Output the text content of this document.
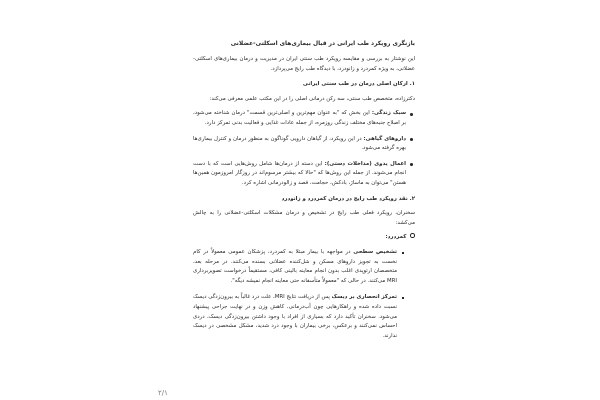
بازنگری رویکرد طب ایرانی در قبال بیماری‌های اسکلتی-عضلانی

این نوشتار به بررسی و مقایسه رویکرد طب سنتی ایران در مدیریت و درمان بیماری‌های اسکلتی-عضلانی، به ویژه کمردرد و زانودرد، با دیدگاه طب رایج می‌پردازد.

۱. ارکان اصلی درمان در طب سنتی ایرانی

دکتر‌زاده، متخصص طب سنتی، سه رکن درمانی اصلی را در این مکتب علمی معرفی می‌کند:

سبک زندگی: این بخش که "به عنوان مهم‌ترین و اصلی‌ترین قسمت" درمان شناخته می‌شود، بر اصلاح جنبه‌های مختلف زندگی روزمره، از جمله عادات غذایی و فعالیت بدنی تمرکز دارد.
داروهای گیاهی: در این رویکرد، از گیاهان دارویی گوناگون به منظور درمان و کنترل بیماری‌ها بهره گرفته می‌شود.
اعمال یدوی (مداخلات دستی): این دسته از درمان‌ها شامل روش‌هایی است که با دست انجام می‌شوند. از جمله این روش‌ها که "حالا که بیشتر مرسوم‌اند در روزگار امروزمون همین‌ها هستن" می‌توان به ماساژ، بادکش، حجامت، فصد و زالودرمانی اشاره کرد.
۲. نقد رویکرد طب رایج در درمان کمردرد و زانودرد

سخنران، رویکرد فعلی طب رایج در تشخیص و درمان مشکلات اسکلتی-عضلانی را به چالش می‌کشد:

کمردرد:
تشخیص سطحی در مواجهه با بیمار مبتلا به کمردرد، پزشکان عمومی معمولاً در کام نخست به تجویز داروهای مسکن و شل‌کننده عضلانی بسنده می‌کنند. در مرحله بعد، متخصصان ارتوپدی اغلب بدون انجام معاینه بالینی کافی، مستقیماً درخواست تصویربرداری MRI می‌کنند. در حالی که "معمولاً متأسفانه حتی معاینه انجام نمیشه دیگه".
تمرکز انحصاری بر دیسک پس از دریافت نتایج MRI، علت درد غالباً به بیرون‌زدگی دیسک نسبت داده شده و راهکارهایی چون آب‌درمانی، کاهش وزن و در نهایت جراحی پیشنهاد می‌شود. سخنران تأکید دارد که بسیاری از افراد با وجود داشتن بیرون‌زدگی دیسک، دردی احساس نمی‌کنند و برعکس، برخی بیماران با وجود درد شدید، مشکل مشخصی در دیسک ندارند.
۲/۱
